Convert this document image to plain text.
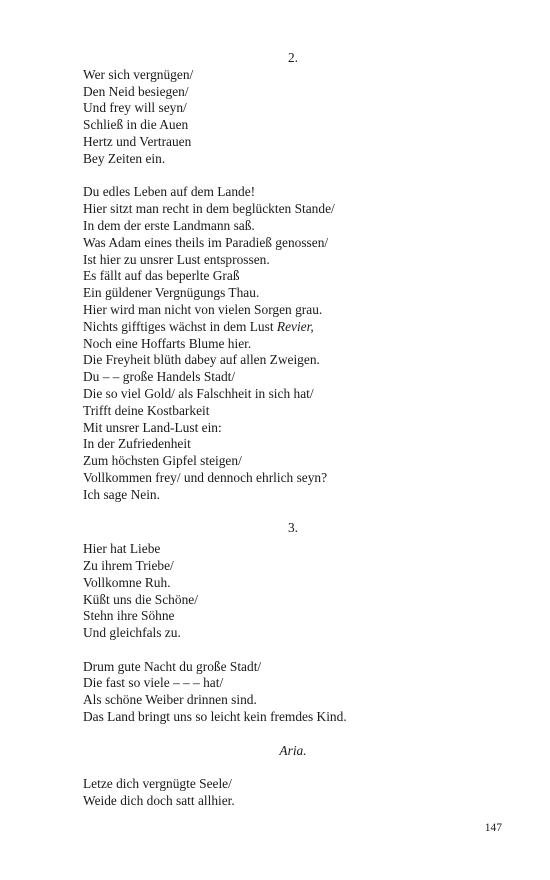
2.
Wer sich vergnügen/
Den Neid besiegen/
Und frey will seyn/
Schließ in die Auen
Hertz und Vertrauen
Bey Zeiten ein.
Du edles Leben auf dem Lande!
Hier sitzt man recht in dem beglückten Stande/
In dem der erste Landmann saß.
Was Adam eines theils im Paradieß genossen/
Ist hier zu unsrer Lust entsprossen.
Es fällt auf das beperlte Graß
Ein güldener Vergnügungs Thau.
Hier wird man nicht von vielen Sorgen grau.
Nichts gifftiges wächst in dem Lust Revier,
Noch eine Hoffarts Blume hier.
Die Freyheit blüth dabey auf allen Zweigen.
Du – – große Handels Stadt/
Die so viel Gold/ als Falschheit in sich hat/
Trifft deine Kostbarkeit
Mit unsrer Land-Lust ein:
In der Zufriedenheit
Zum höchsten Gipfel steigen/
Vollkommen frey/ und dennoch ehrlich seyn?
Ich sage Nein.
3.
Hier hat Liebe
Zu ihrem Triebe/
Vollkomne Ruh.
Küßt uns die Schöne/
Stehn ihre Söhne
Und gleichfals zu.
Drum gute Nacht du große Stadt/
Die fast so viele – – – hat/
Als schöne Weiber drinnen sind.
Das Land bringt uns so leicht kein fremdes Kind.
Aria.
Letze dich vergnügte Seele/
Weide dich doch satt allhier.
147
